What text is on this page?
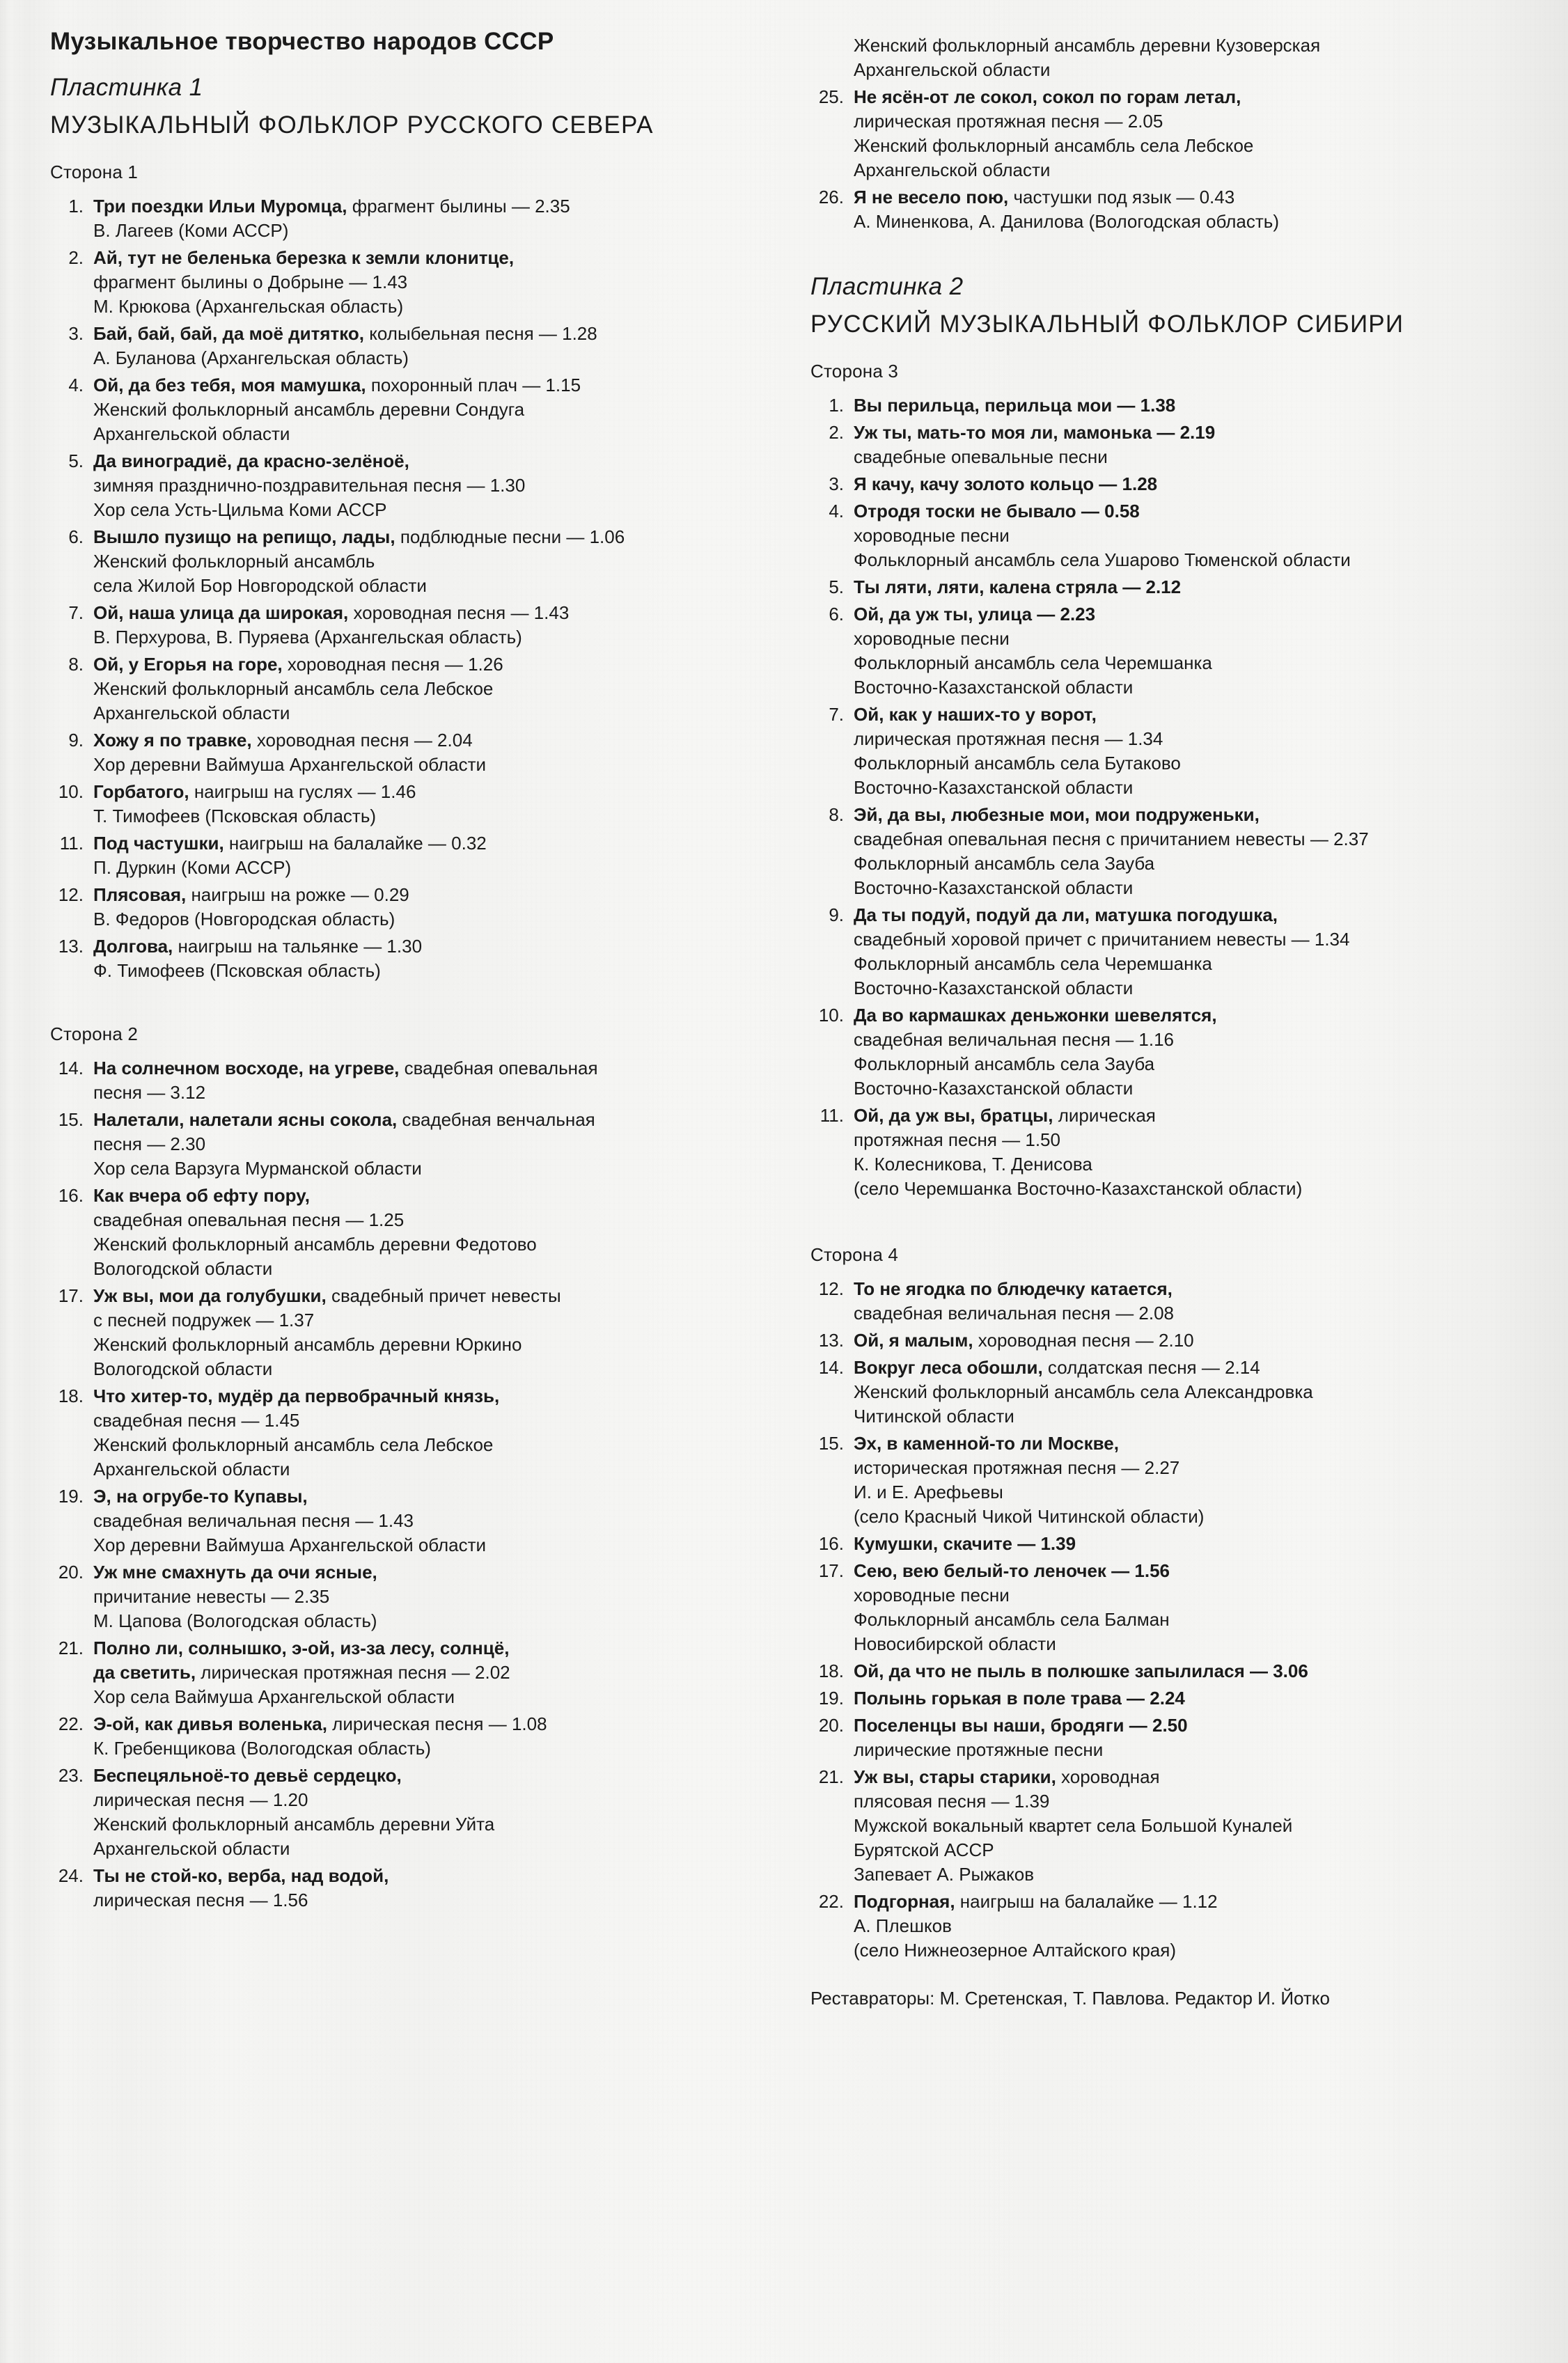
Музыкальное творчество народов СССР
Пластинка 1
МУЗЫКАЛЬНЫЙ ФОЛЬКЛОР РУССКОГО СЕВЕРА
Сторона 1
1. Три поездки Ильи Муромца, фрагмент былины — 2.35
В. Лагеев (Коми АССР)
2. Ай, тут не беленька березка к земли клонитце,
фрагмент былины о Добрыне — 1.43
М. Крюкова (Архангельская область)
3. Бай, бай, бай, да моё дитятко, колыбельная песня — 1.28
А. Буланова (Архангельская область)
4. Ой, да без тебя, моя мамушка, похоронный плач — 1.15
Женский фольклорный ансамбль деревни Сондуга
Архангельской области
5. Да виноградиё, да красно-зелёноё,
зимняя празднично-поздравительная песня — 1.30
Хор села Усть-Цильма Коми АССР
6. Вышло пузищо на репищо, лады, подблюдные песни — 1.06
Женский фольклорный ансамбль
села Жилой Бор Новгородской области
7. Ой, наша улица да широкая, хороводная песня — 1.43
В. Перхурова, В. Пуряева (Архангельская область)
8. Ой, у Егорья на горе, хороводная песня — 1.26
Женский фольклорный ансамбль села Лебское
Архангельской области
9. Хожу я по травке, хороводная песня — 2.04
Хор деревни Ваймуша Архангельской области
10. Горбатого, наигрыш на гуслях — 1.46
Т. Тимофеев (Псковская область)
11. Под частушки, наигрыш на балалайке — 0.32
П. Дуркин (Коми АССР)
12. Плясовая, наигрыш на рожке — 0.29
В. Федоров (Новгородская область)
13. Долгова, наигрыш на тальянке — 1.30
Ф. Тимофеев (Псковская область)
Сторона 2
14. На солнечном восходе, на угреве, свадебная опевальная
песня — 3.12
15. Налетали, налетали ясны сокола, свадебная венчальная
песня — 2.30
Хор села Варзуга Мурманской области
16. Как вчера об ефту пору,
свадебная опевальная песня — 1.25
Женский фольклорный ансамбль деревни Федотово
Вологодской области
17. Уж вы, мои да голубушки, свадебный причет невесты
с песней подружек — 1.37
Женский фольклорный ансамбль деревни Юркино
Вологодской области
18. Что хитер-то, мудёр да первобрачный князь,
свадебная песня — 1.45
Женский фольклорный ансамбль села Лебское
Архангельской области
19. Э, на огрубе-то Купавы,
свадебная величальная песня — 1.43
Хор деревни Ваймуша Архангельской области
20. Уж мне смахнуть да очи ясные,
причитание невесты — 2.35
М. Цапова (Вологодская область)
21. Полно ли, солнышко, э-ой, из-за лесу, солнцё,
да светить, лирическая протяжная песня — 2.02
Хор села Ваймуша Архангельской области
22. Э-ой, как дивья воленька, лирическая песня — 1.08
К. Гребенщикова (Вологодская область)
23. Беспецяльноё-то девьё сердецко,
лирическая песня — 1.20
Женский фольклорный ансамбль деревни Уйта
Архангельской области
24. Ты не стой-ко, верба, над водой,
лирическая песня — 1.56
Женский фольклорный ансамбль деревни Кузоверская
Архангельской области
25. Не ясён-от ле сокол, сокол по горам летал,
лирическая протяжная песня — 2.05
Женский фольклорный ансамбль села Лебское
Архангельской области
26. Я не весело пою, частушки под язык — 0.43
А. Миненкова, А. Данилова (Вологодская область)
Пластинка 2
РУССКИЙ МУЗЫКАЛЬНЫЙ ФОЛЬКЛОР СИБИРИ
Сторона 3
1. Вы перильца, перильца мои — 1.38
2. Уж ты, мать-то моя ли, мамонька — 2.19
свадебные опевальные песни
3. Я качу, качу золото кольцо — 1.28
4. Отродя тоски не бывало — 0.58
хороводные песни
Фольклорный ансамбль села Ушарово Тюменской области
5. Ты ляти, ляти, калена стряла — 2.12
6. Ой, да уж ты, улица — 2.23
хороводные песни
Фольклорный ансамбль села Черемшанка
Восточно-Казахстанской области
7. Ой, как у наших-то у ворот,
лирическая протяжная песня — 1.34
Фольклорный ансамбль села Бутаково
Восточно-Казахстанской области
8. Эй, да вы, любезные мои, мои подруженьки,
свадебная опевальная песня с причитанием невесты — 2.37
Фольклорный ансамбль села Зауба
Восточно-Казахстанской области
9. Да ты подуй, подуй да ли, матушка погодушка,
свадебный хоровой причет с причитанием невесты — 1.34
Фольклорный ансамбль села Черемшанка
Восточно-Казахстанской области
10. Да во кармашках деньжонки шевелятся,
свадебная величальная песня — 1.16
Фольклорный ансамбль села Зауба
Восточно-Казахстанской области
11. Ой, да уж вы, братцы, лирическая
протяжная песня — 1.50
К. Колесникова, Т. Денисова
(село Черемшанка Восточно-Казахстанской области)
Сторона 4
12. То не ягодка по блюдечку катается,
свадебная величальная песня — 2.08
13. Ой, я малым, хороводная песня — 2.10
14. Вокруг леса обошли, солдатская песня — 2.14
Женский фольклорный ансамбль села Александровка
Читинской области
15. Эх, в каменной-то ли Москве,
историческая протяжная песня — 2.27
И. и Е. Арефьевы
(село Красный Чикой Читинской области)
16. Кумушки, скачите — 1.39
17. Сею, вею белый-то леночек — 1.56
хороводные песни
Фольклорный ансамбль села Балман
Новосибирской области
18. Ой, да что не пыль в полюшке запылилася — 3.06
19. Полынь горькая в поле трава — 2.24
20. Поселенцы вы наши, бродяги — 2.50
лирические протяжные песни
21. Уж вы, стары старики, хороводная
плясовая песня — 1.39
Мужской вокальный квартет села Большой Куналей
Бурятской АССР
Запевает А. Рыжаков
22. Подгорная, наигрыш на балалайке — 1.12
А. Плешков
(село Нижнеозерное Алтайского края)
Реставраторы: М. Сретенская, Т. Павлова. Редактор И. Йотко
